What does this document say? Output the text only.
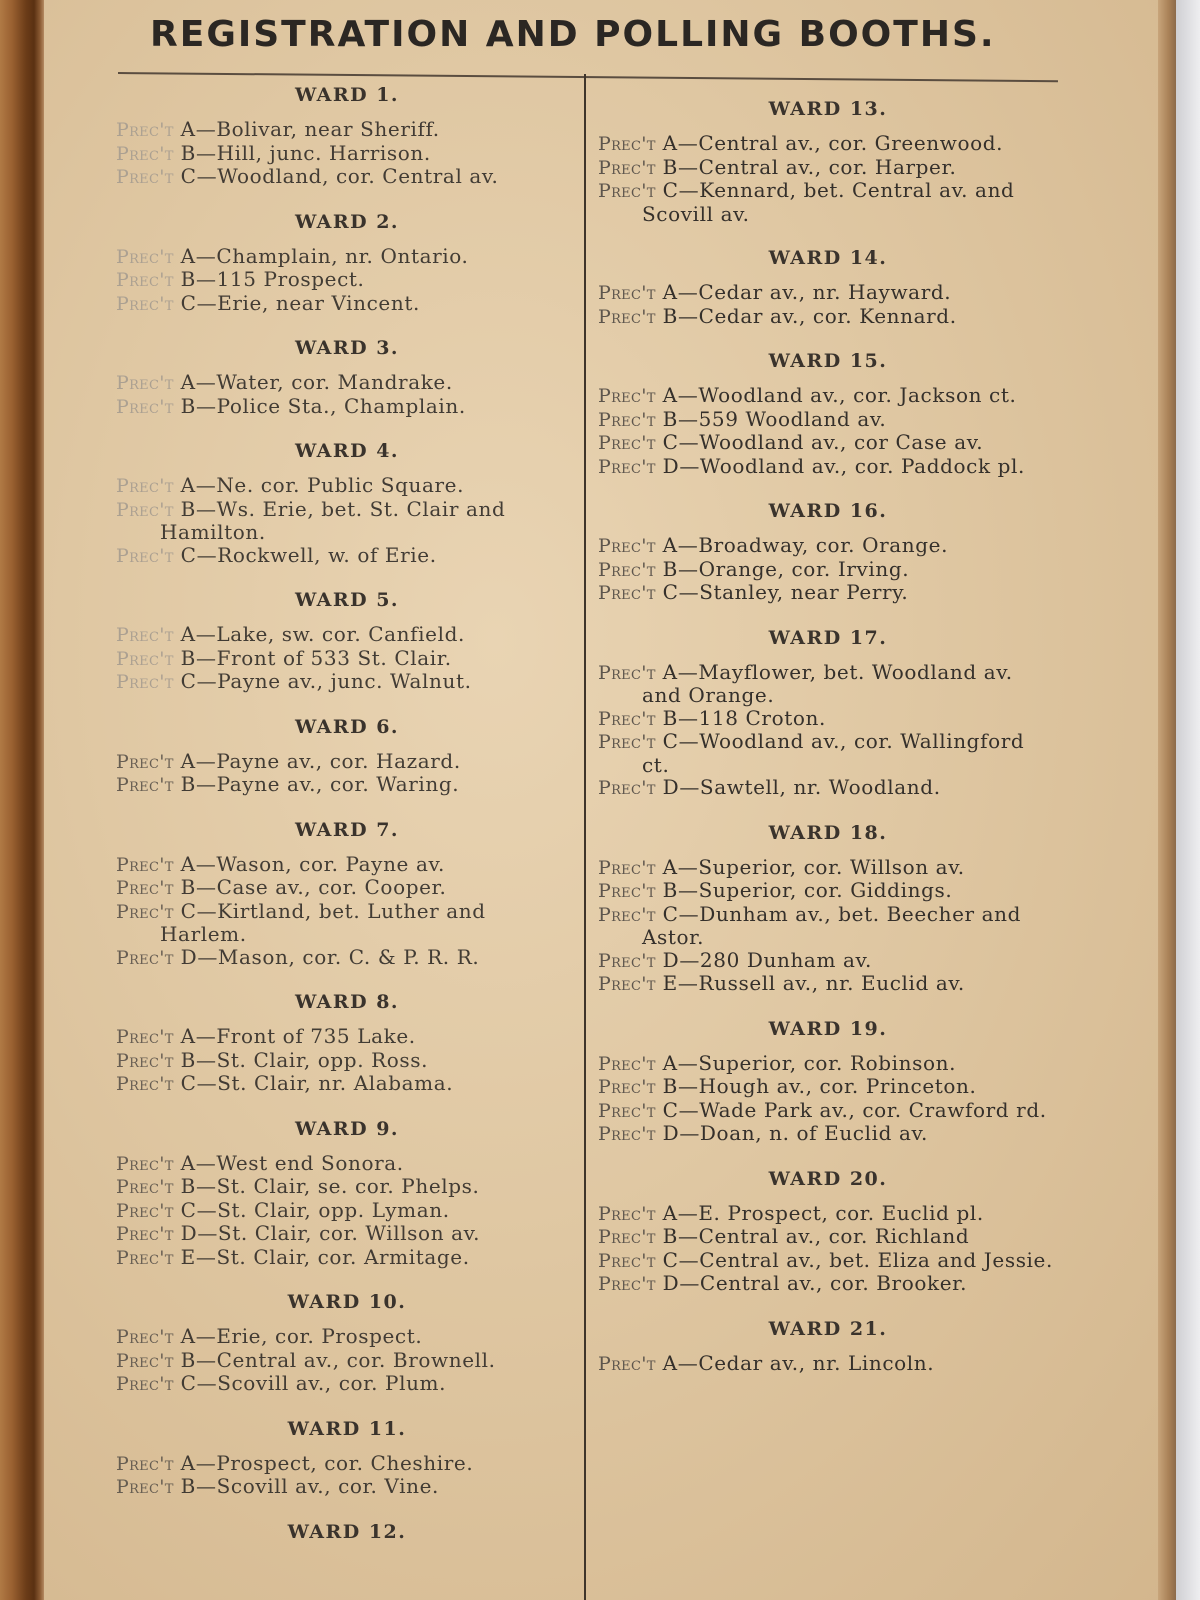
REGISTRATION AND POLLING BOOTHS.
WARD 1.
Prec't A—Bolivar, near Sheriff.
Prec't B—Hill, junc. Harrison.
Prec't C—Woodland, cor. Central av.
WARD 2.
Prec't A—Champlain, nr. Ontario.
Prec't B—115 Prospect.
Prec't C—Erie, near Vincent.
WARD 3.
Prec't A—Water, cor. Mandrake.
Prec't B—Police Sta., Champlain.
WARD 4.
Prec't A—Ne. cor. Public Square.
Prec't B—Ws. Erie, bet. St. Clair and Hamilton.
Prec't C—Rockwell, w. of Erie.
WARD 5.
Prec't A—Lake, sw. cor. Canfield.
Prec't B—Front of 533 St. Clair.
Prec't C—Payne av., junc. Walnut.
WARD 6.
Prec't A—Payne av., cor. Hazard.
Prec't B—Payne av., cor. Waring.
WARD 7.
Prec't A—Wason, cor. Payne av.
Prec't B—Case av., cor. Cooper.
Prec't C—Kirtland, bet. Luther and Harlem.
Prec't D—Mason, cor. C. & P. R. R.
WARD 8.
Prec't A—Front of 735 Lake.
Prec't B—St. Clair, opp. Ross.
Prec't C—St. Clair, nr. Alabama.
WARD 9.
Prec't A—West end Sonora.
Prec't B—St. Clair, se. cor. Phelps.
Prec't C—St. Clair, opp. Lyman.
Prec't D—St. Clair, cor. Willson av.
Prec't E—St. Clair, cor. Armitage.
WARD 10.
Prec't A—Erie, cor. Prospect.
Prec't B—Central av., cor. Brownell.
Prec't C—Scovill av., cor. Plum.
WARD 11.
Prec't A—Prospect, cor. Cheshire.
Prec't B—Scovill av., cor. Vine.
WARD 12.
WARD 13.
Prec't A—Central av., cor. Greenwood.
Prec't B—Central av., cor. Harper.
Prec't C—Kennard, bet. Central av. and Scovill av.
WARD 14.
Prec't A—Cedar av., nr. Hayward.
Prec't B—Cedar av., cor. Kennard.
WARD 15.
Prec't A—Woodland av., cor. Jackson ct.
Prec't B—559 Woodland av.
Prec't C—Woodland av., cor Case av.
Prec't D—Woodland av., cor. Paddock pl.
WARD 16.
Prec't A—Broadway, cor. Orange.
Prec't B—Orange, cor. Irving.
Prec't C—Stanley, near Perry.
WARD 17.
Prec't A—Mayflower, bet. Woodland av. and Orange.
Prec't B—118 Croton.
Prec't C—Woodland av., cor. Wallingford ct.
Prec't D—Sawtell, nr. Woodland.
WARD 18.
Prec't A—Superior, cor. Willson av.
Prec't B—Superior, cor. Giddings.
Prec't C—Dunham av., bet. Beecher and Astor.
Prec't D—280 Dunham av.
Prec't E—Russell av., nr. Euclid av.
WARD 19.
Prec't A—Superior, cor. Robinson.
Prec't B—Hough av., cor. Princeton.
Prec't C—Wade Park av., cor. Crawford rd.
Prec't D—Doan, n. of Euclid av.
WARD 20.
Prec't A—E. Prospect, cor. Euclid pl.
Prec't B—Central av., cor. Richland
Prec't C—Central av., bet. Eliza and Jessie.
Prec't D—Central av., cor. Brooker.
WARD 21.
Prec't A—Cedar av., nr. Lincoln.
